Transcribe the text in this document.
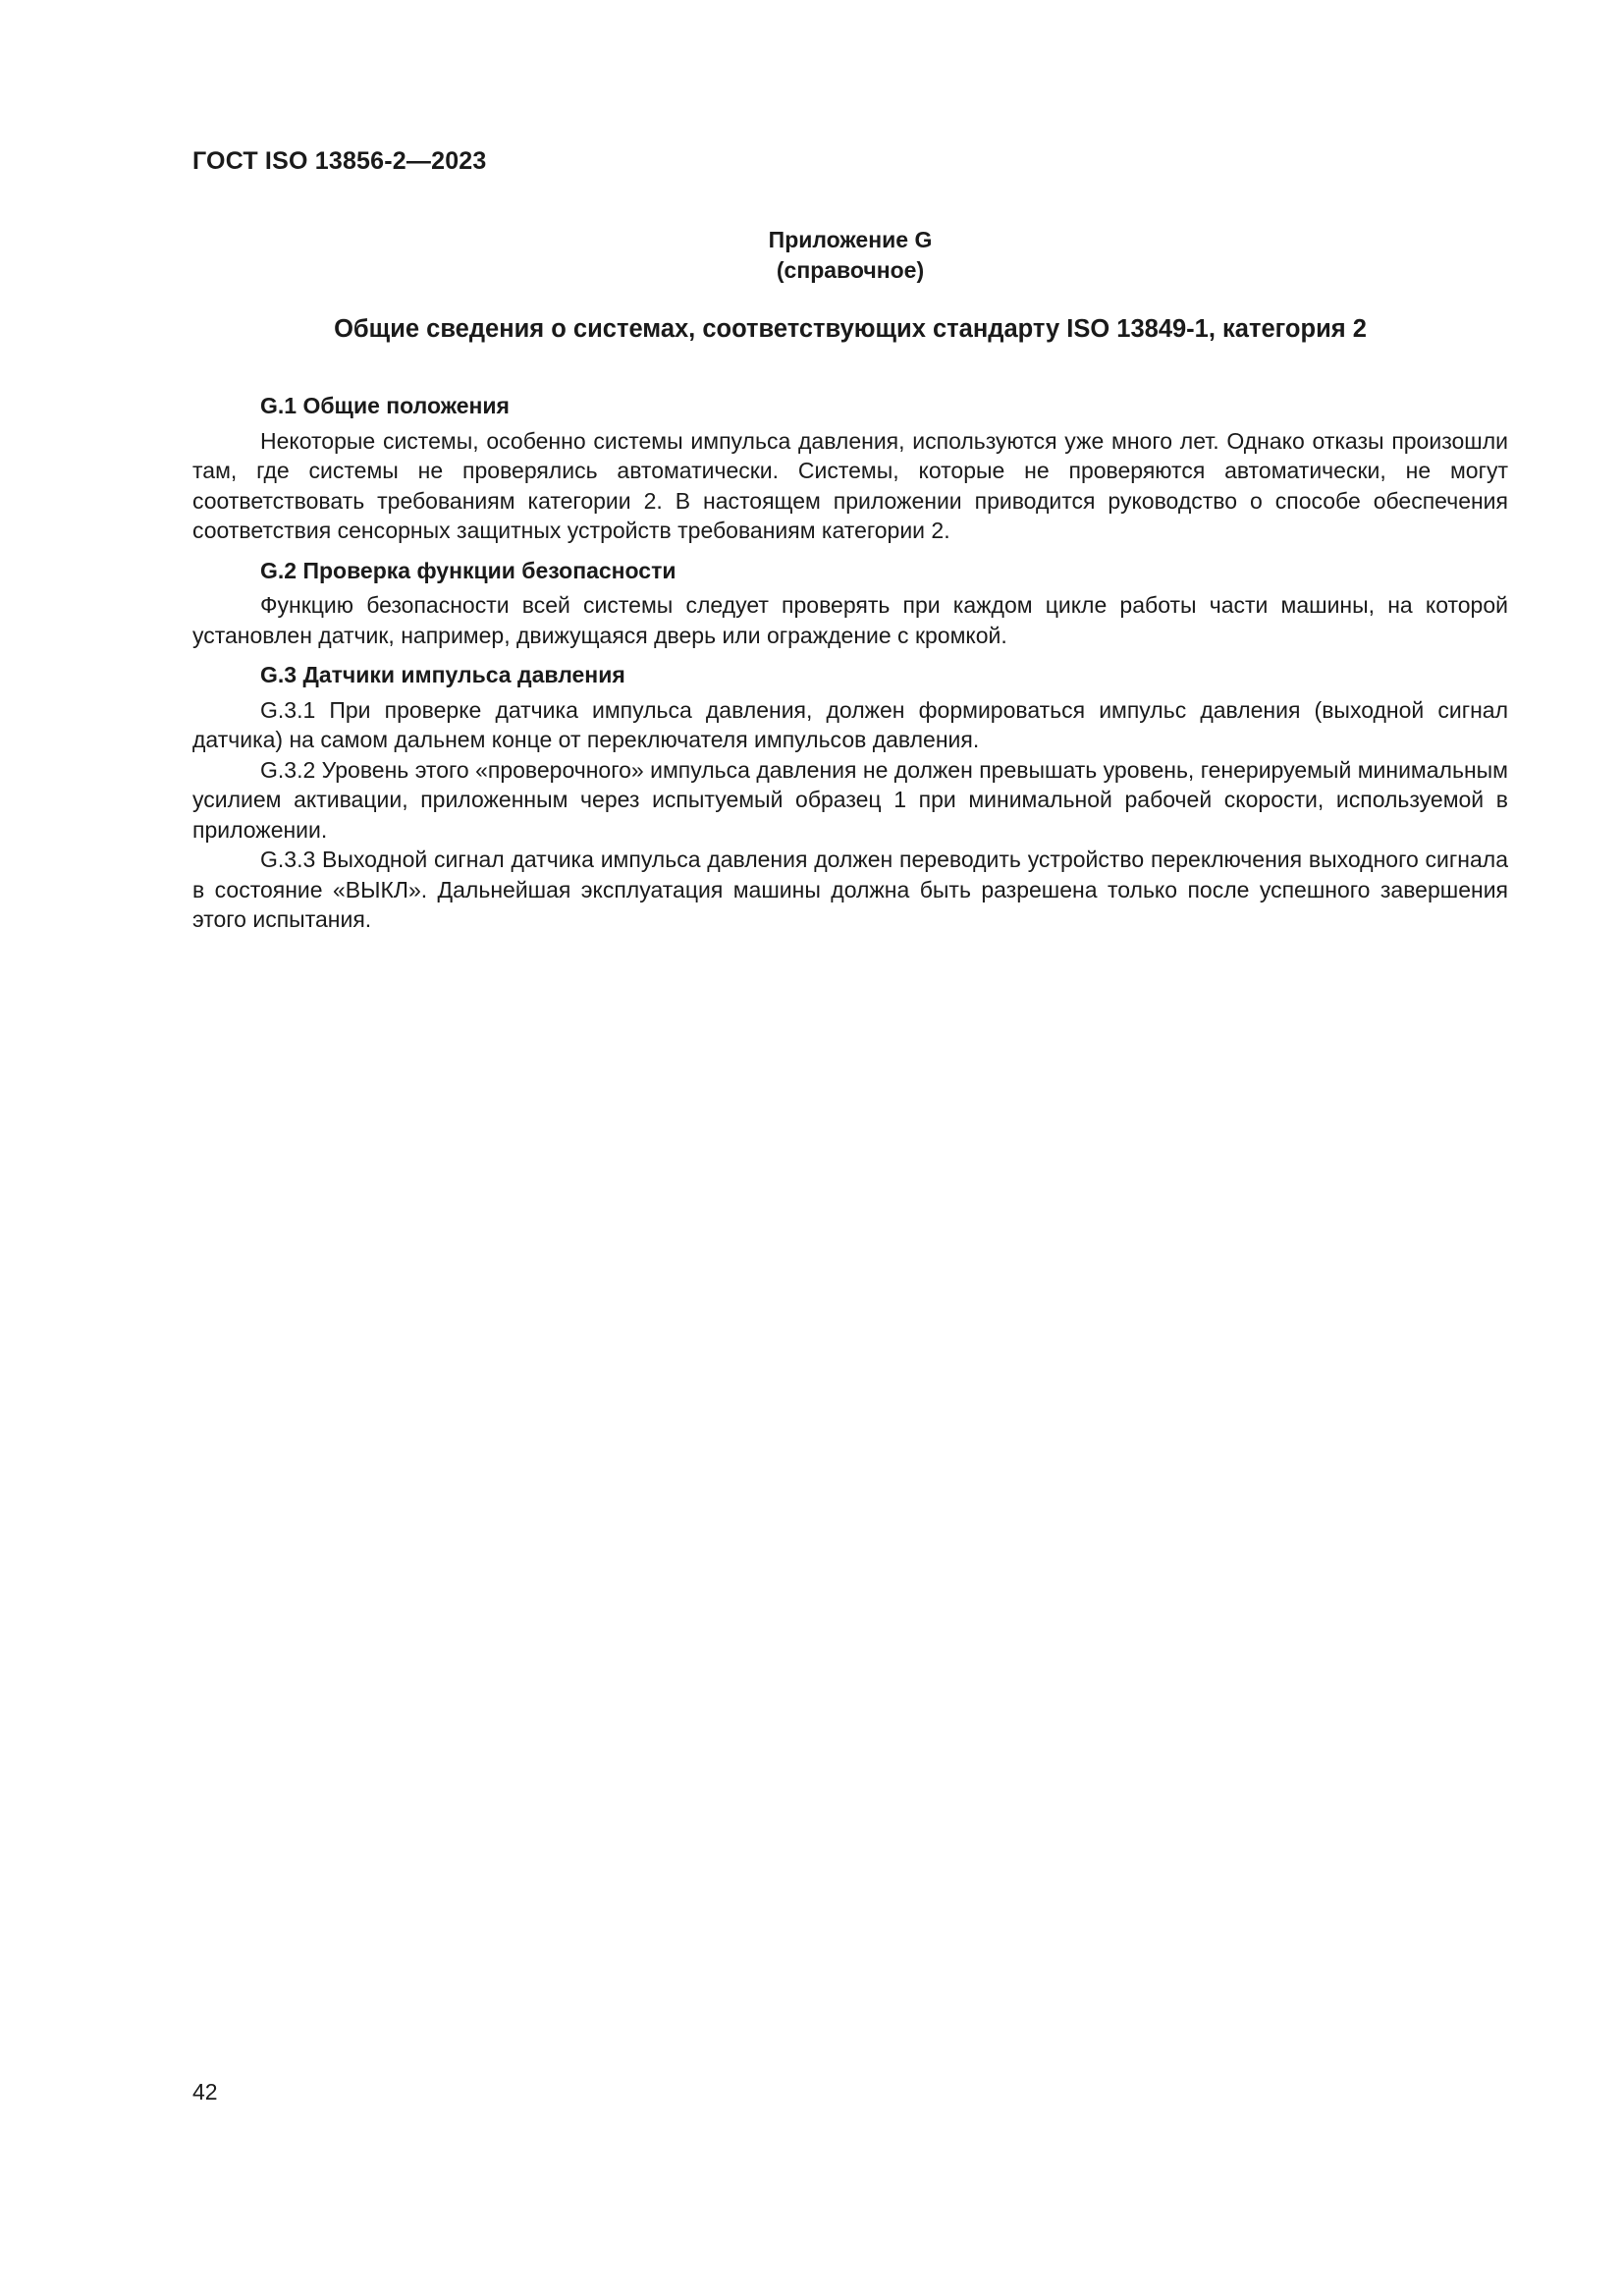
ГОСТ ISO 13856-2—2023
Приложение G
(справочное)
Общие сведения о системах, соответствующих стандарту ISO 13849-1, категория 2

G.1 Общие положения

Некоторые системы, особенно системы импульса давления, используются уже много лет. Однако отказы произошли там, где системы не проверялись автоматически. Системы, которые не проверяются автоматически, не могут соответствовать требованиям категории 2. В настоящем приложении приводится руководство о способе обеспечения соответствия сенсорных защитных устройств требованиям категории 2.

G.2 Проверка функции безопасности

Функцию безопасности всей системы следует проверять при каждом цикле работы части машины, на которой установлен датчик, например, движущаяся дверь или ограждение с кромкой.

G.3 Датчики импульса давления

G.3.1 При проверке датчика импульса давления, должен формироваться импульс давления (выходной сигнал датчика) на самом дальнем конце от переключателя импульсов давления.

G.3.2 Уровень этого «проверочного» импульса давления не должен превышать уровень, генерируемый минимальным усилием активации, приложенным через испытуемый образец 1 при минимальной рабочей скорости, используемой в приложении.

G.3.3 Выходной сигнал датчика импульса давления должен переводить устройство переключения выходного сигнала в состояние «ВЫКЛ». Дальнейшая эксплуатация машины должна быть разрешена только после успешного завершения этого испытания.

42
